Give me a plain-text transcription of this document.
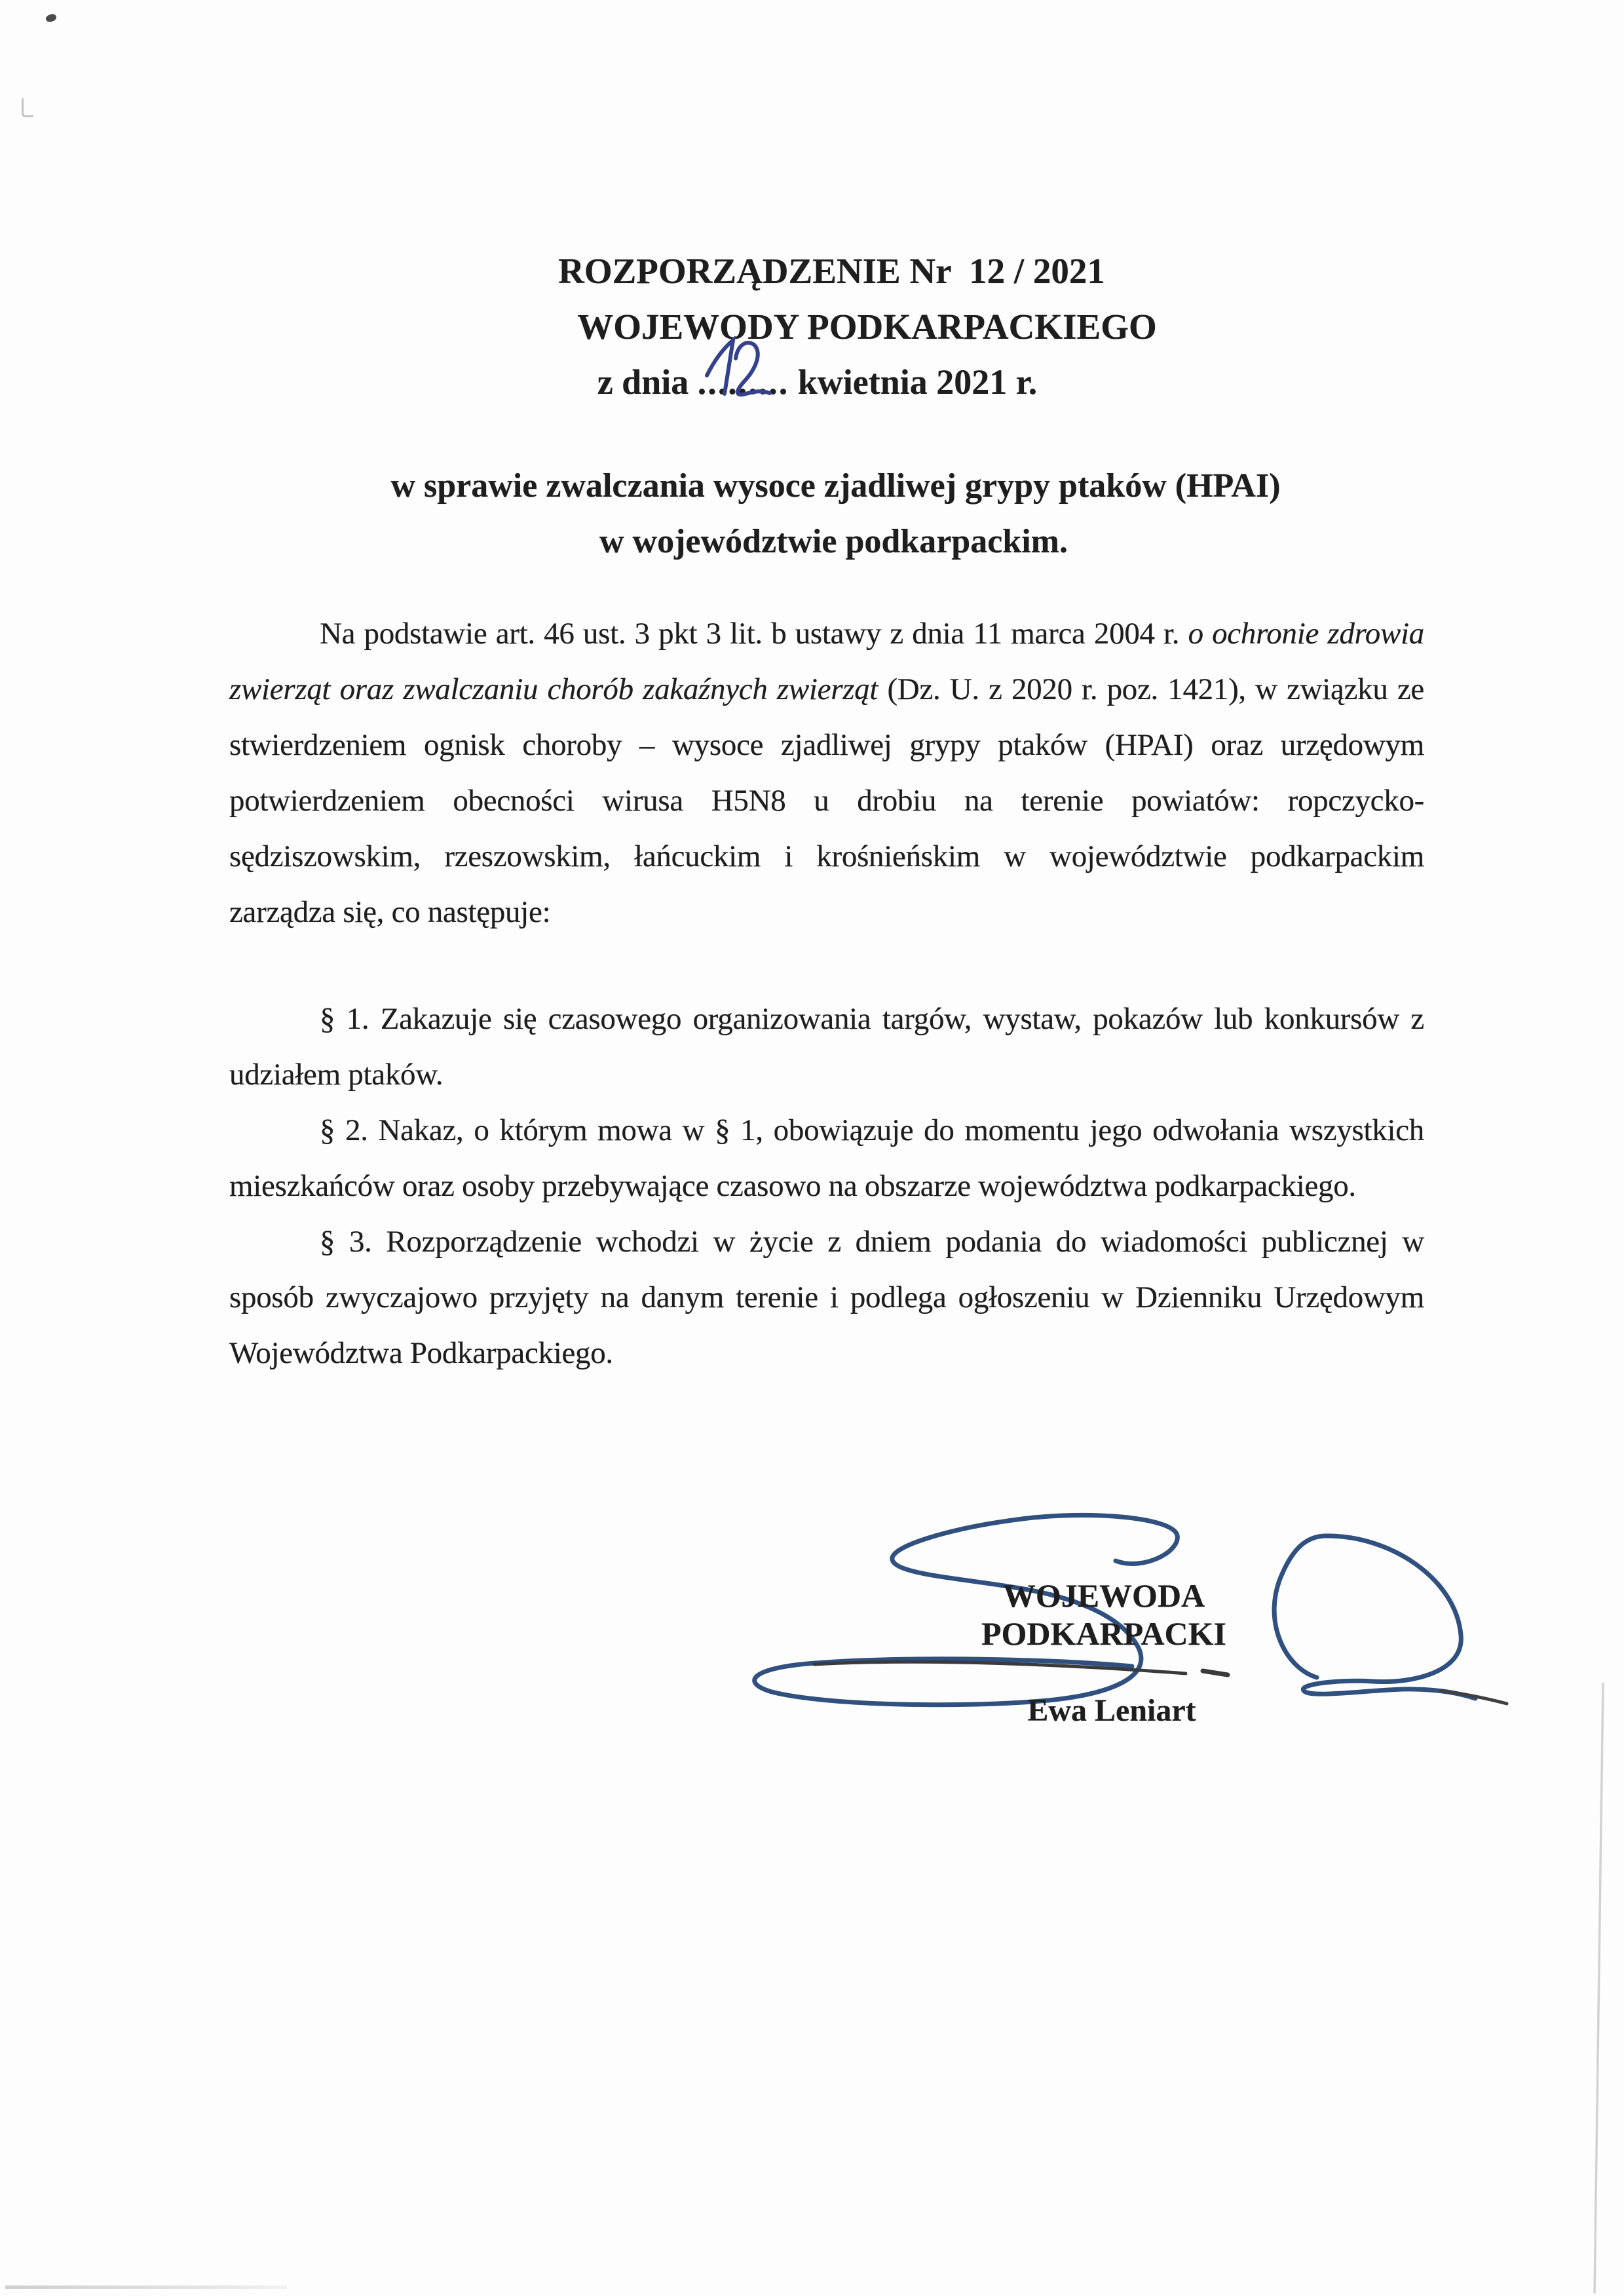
ROZPORZĄDZENIE Nr  12 / 2021
WOJEWODY PODKARPACKIEGO
z dnia .........
kwietnia 2021 r.
w sprawie zwalczania wysoce zjadliwej grypy ptaków (HPAI)
w województwie podkarpackim.

Na podstawie art. 46 ust. 3 pkt 3 lit. b ustawy z dnia 11 marca 2004 r. o ochronie zdrowia zwierząt oraz zwalczaniu chorób zakaźnych zwierząt (Dz. U. z 2020 r. poz. 1421), w związku ze stwierdzeniem ognisk choroby – wysoce zjadliwej grypy ptaków (HPAI) oraz urzędowym potwierdzeniem obecności wirusa H5N8 u drobiu na terenie powiatów: ropczycko-sędziszowskim, rzeszowskim, łańcuckim i krośnieńskim w województwie podkarpackim zarządza się, co następuje:

§ 1. Zakazuje się czasowego organizowania targów, wystaw, pokazów lub konkursów z udziałem ptaków.

§ 2. Nakaz, o którym mowa w § 1, obowiązuje do momentu jego odwołania wszystkich mieszkańców oraz osoby przebywające czasowo na obszarze województwa podkarpackiego.

§ 3. Rozporządzenie wchodzi w życie z dniem podania do wiadomości publicznej w sposób zwyczajowo przyjęty na danym terenie i podlega ogłoszeniu w Dzienniku Urzędowym Województwa Podkarpackiego.

WOJEWODA PODKARPACKI
Ewa Leniart
